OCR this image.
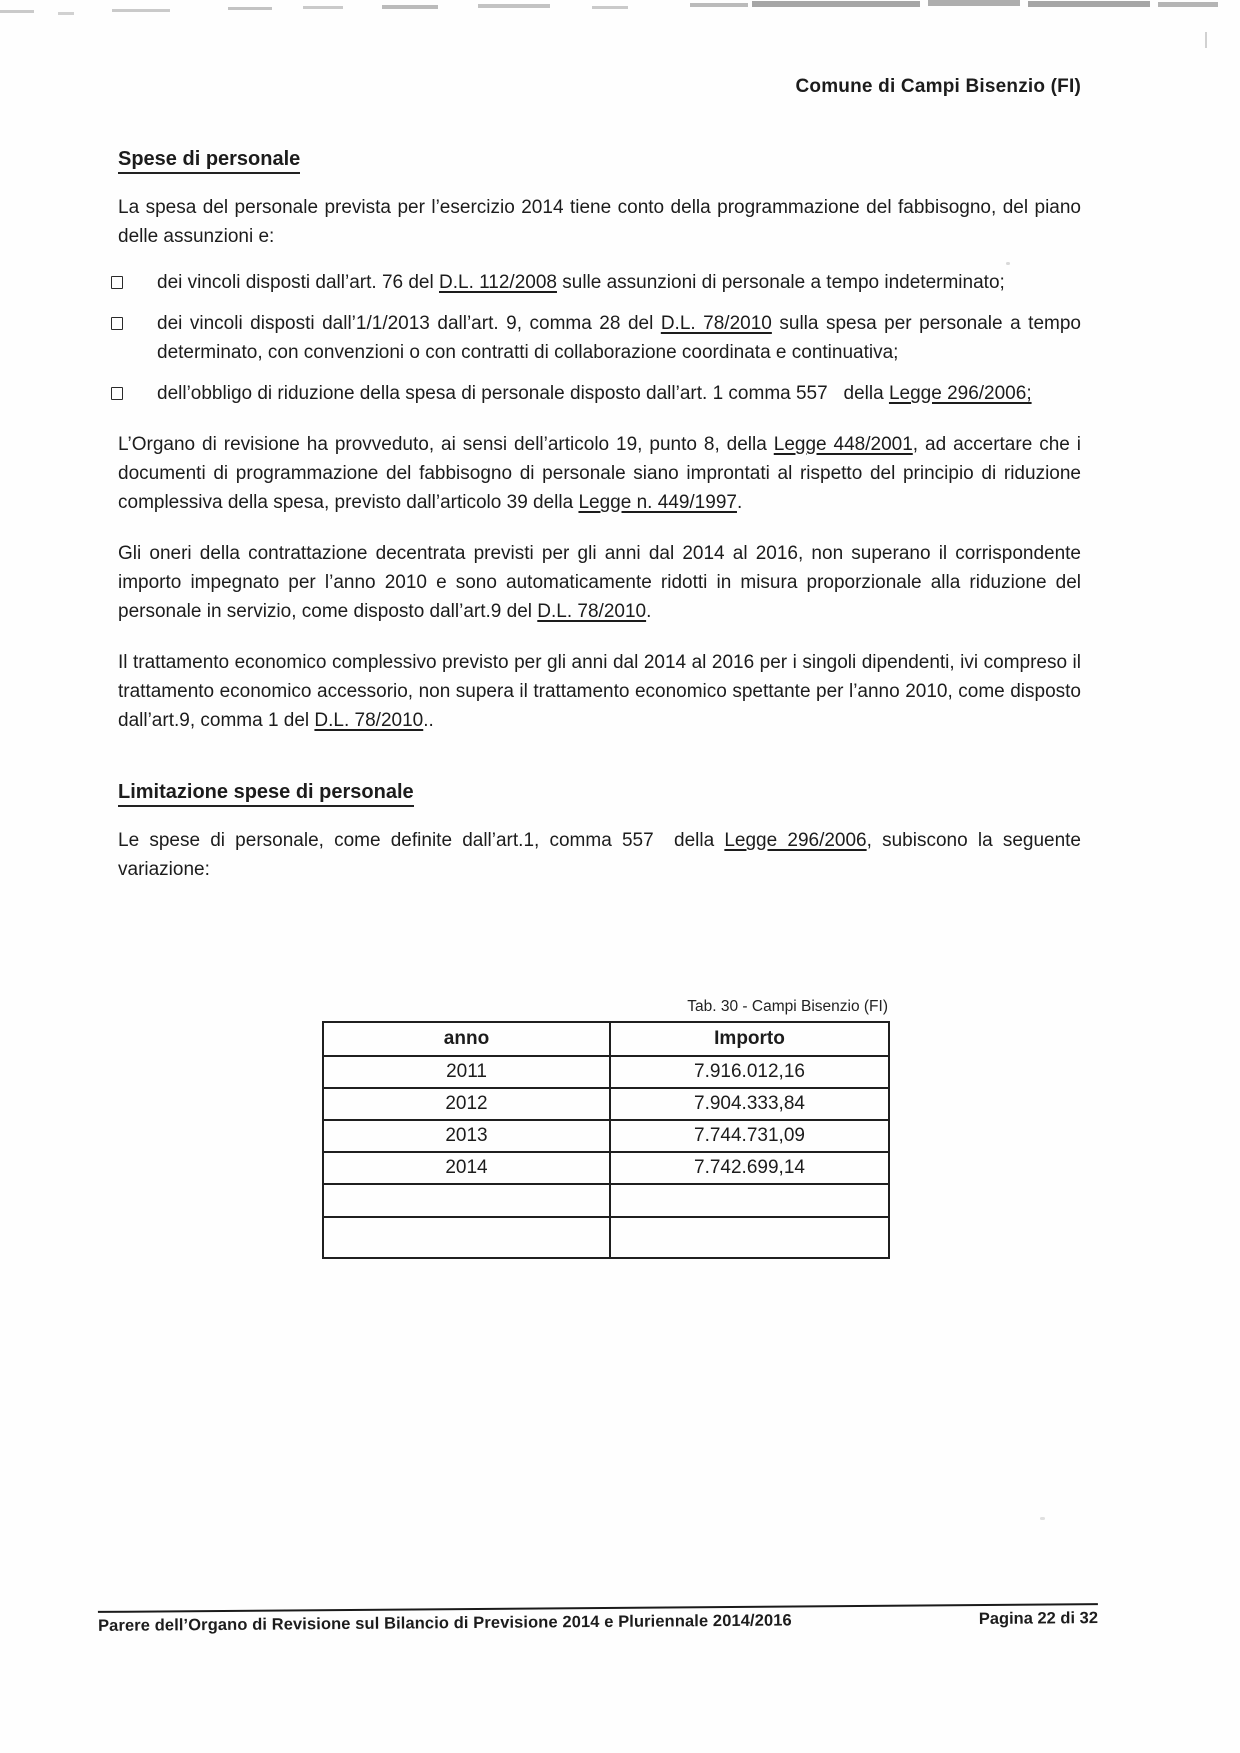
Comune di Campi Bisenzio (FI)
Spese di personale

La spesa del personale prevista per l’esercizio 2014 tiene conto della programmazione del fabbisogno, del piano delle assunzioni e:

dei vincoli disposti dall’art. 76 del D.L. 112/2008 sulle assunzioni di personale a tempo indeterminato;
dei vincoli disposti dall’1/1/2013 dall’art. 9, comma 28 del D.L. 78/2010 sulla spesa per personale a tempo determinato, con convenzioni o con contratti di collaborazione coordinata e continuativa;
dell’obbligo di riduzione della spesa di personale disposto dall’art. 1 comma 557   della Legge 296/2006;

L’Organo di revisione ha provveduto, ai sensi dell’articolo 19, punto 8, della Legge 448/2001, ad accertare che i documenti di programmazione del fabbisogno di personale siano improntati al rispetto del principio di riduzione complessiva della spesa, previsto dall’articolo 39 della Legge n. 449/1997.

Gli oneri della contrattazione decentrata previsti per gli anni dal 2014 al 2016, non superano il corrispondente importo impegnato per l’anno 2010 e sono automaticamente ridotti in misura proporzionale alla riduzione del personale in servizio, come disposto dall’art.9 del D.L. 78/2010.

Il trattamento economico complessivo previsto per gli anni dal 2014 al 2016 per i singoli dipendenti, ivi compreso il trattamento economico accessorio, non supera il trattamento economico spettante per l’anno 2010, come disposto dall’art.9, comma 1 del D.L. 78/2010..

Limitazione spese di personale

Le spese di personale, come definite dall’art.1, comma 557  della Legge 296/2006, subiscono la seguente variazione:

Tab. 30 - Campi Bisenzio (FI)
anno	Importo
2011	7.916.012,16
2012	7.904.333,84
2013	7.744.731,09
2014	7.742.699,14

Parere dell’Organo di Revisione sul Bilancio di Previsione 2014 e Pluriennale 2014/2016	Pagina 22 di 32
